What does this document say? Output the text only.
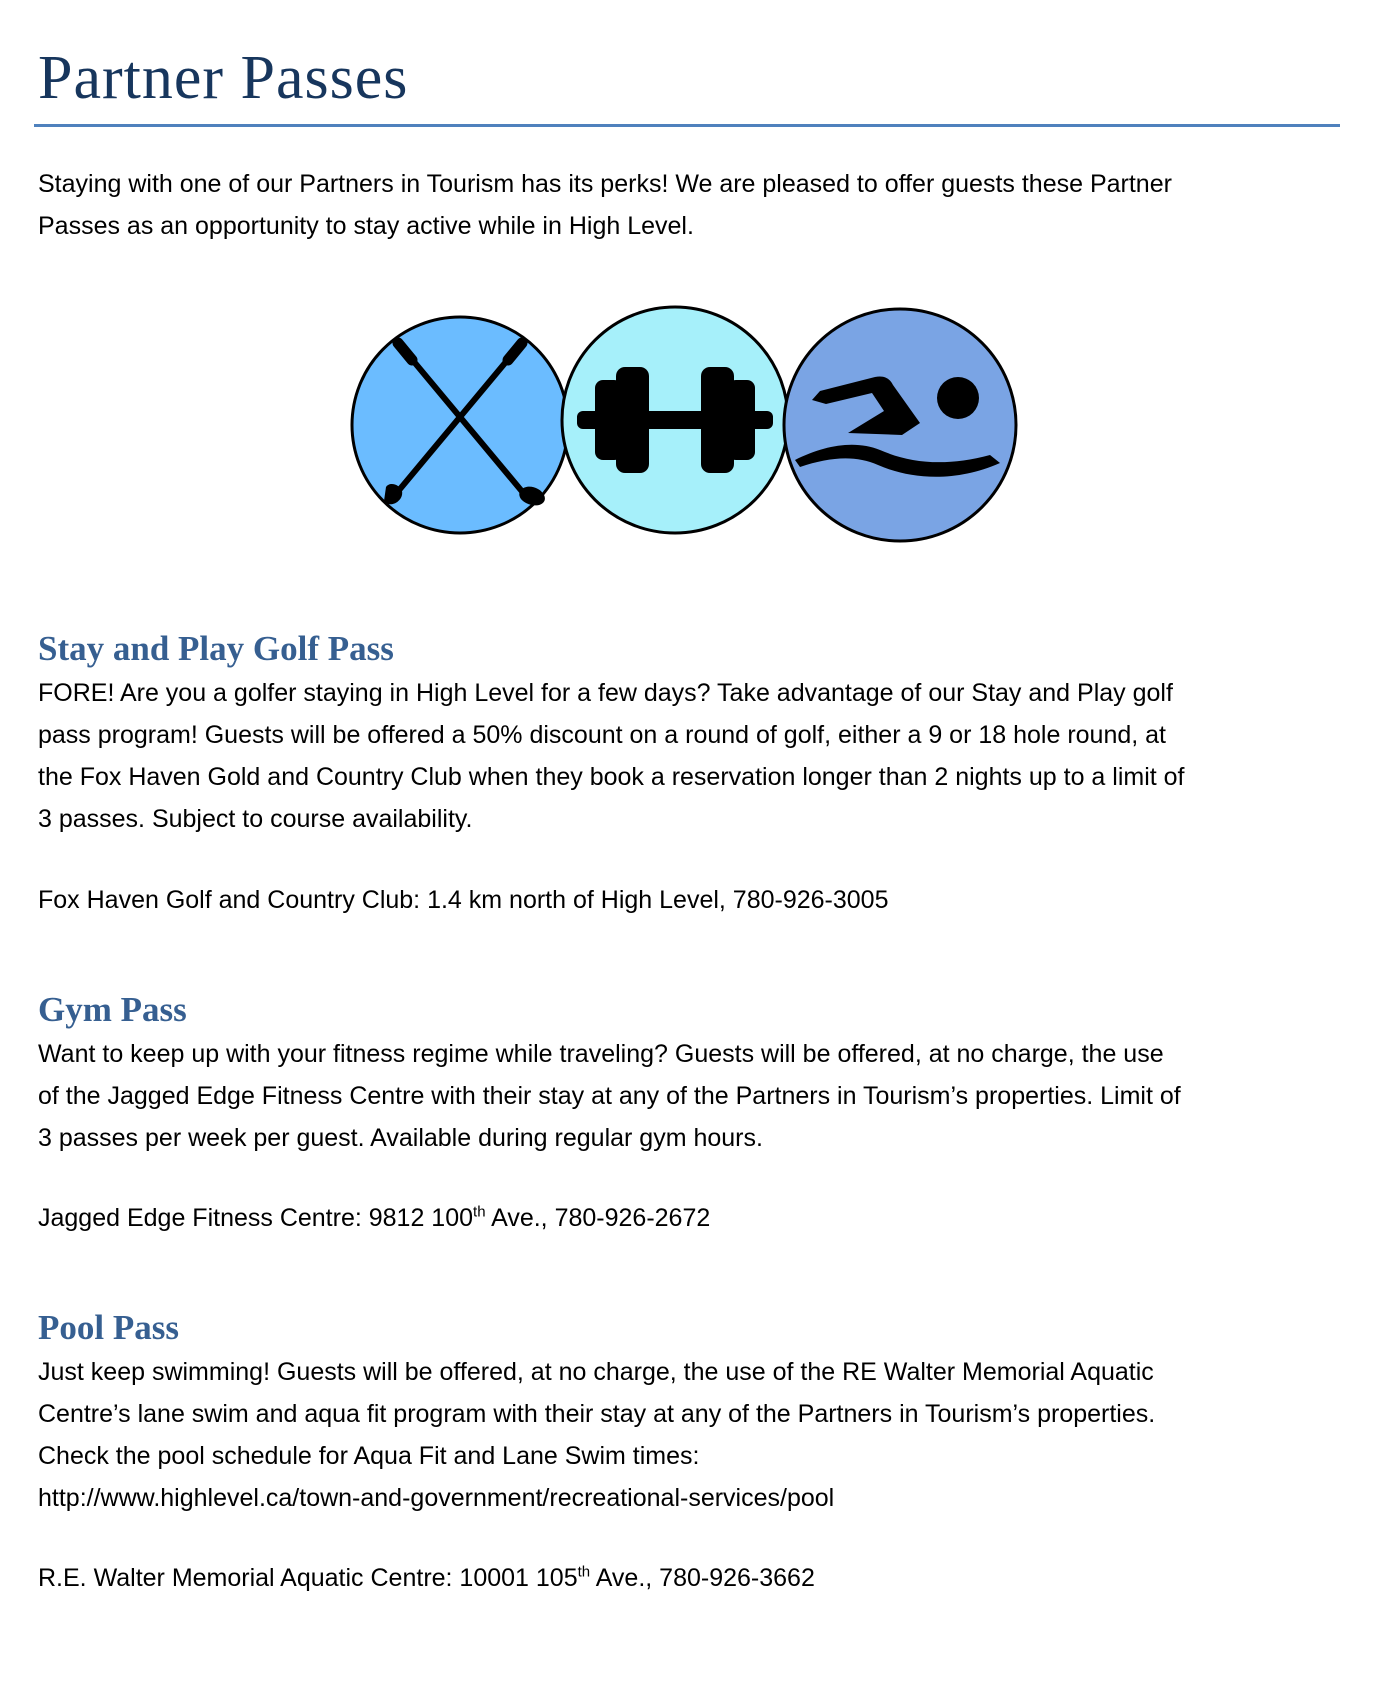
Partner Passes

Staying with one of our Partners in Tourism has its perks! We are pleased to offer guests these Partner
Passes as an opportunity to stay active while in High Level.

Stay and Play Golf Pass

FORE! Are you a golfer staying in High Level for a few days? Take advantage of our Stay and Play golf
pass program! Guests will be offered a 50% discount on a round of golf, either a 9 or 18 hole round, at
the Fox Haven Gold and Country Club when they book a reservation longer than 2 nights up to a limit of
3 passes. Subject to course availability.

Fox Haven Golf and Country Club: 1.4 km north of High Level, 780-926-3005

Gym Pass

Want to keep up with your fitness regime while traveling? Guests will be offered, at no charge, the use
of the Jagged Edge Fitness Centre with their stay at any of the Partners in Tourism’s properties. Limit of
3 passes per week per guest. Available during regular gym hours.

Jagged Edge Fitness Centre: 9812 100th Ave., 780-926-2672

Pool Pass

Just keep swimming! Guests will be offered, at no charge, the use of the RE Walter Memorial Aquatic
Centre’s lane swim and aqua fit program with their stay at any of the Partners in Tourism’s properties.
Check the pool schedule for Aqua Fit and Lane Swim times:
http://www.highlevel.ca/town-and-government/recreational-services/pool

R.E. Walter Memorial Aquatic Centre: 10001 105th Ave., 780-926-3662
